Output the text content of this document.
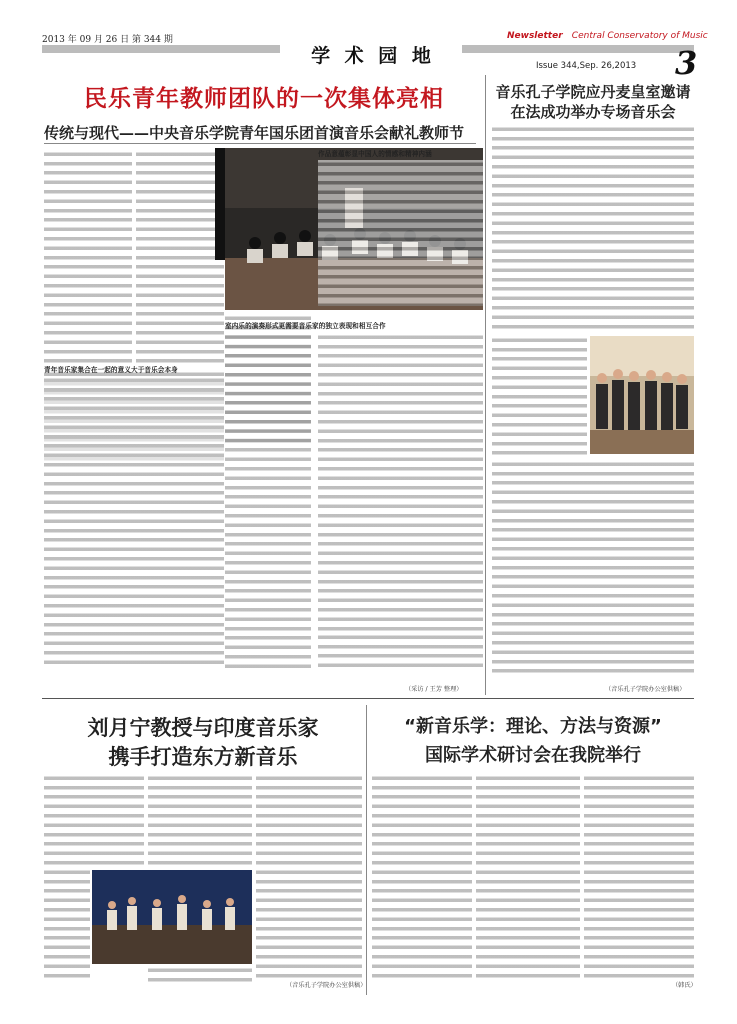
2013 年 09 月 26 日 第 344 期	Newsletter Central Conservatory of Music
学 术 园 地	Issue 344,Sep. 26,2013 3
民乐青年教师团队的一次集体亮相
传统与现代——中央音乐学院青年国乐团首演音乐会献礼教师节
青年音乐家集合在一起的意义大于音乐会本身
作品意蕴彰显中国人的情感和精神内涵
室内乐的演奏形式更需要音乐家的独立表现和相互合作
（采访 / 王芳 整理）
音乐孔子学院应丹麦皇室邀请
在法成功举办专场音乐会
（音乐孔子学院办公室供稿）
刘月宁教授与印度音乐家
携手打造东方新音乐
（音乐孔子学院办公室供稿）
“新音乐学：理论、方法与资源”
国际学术研讨会在我院举行
（韩氏）
